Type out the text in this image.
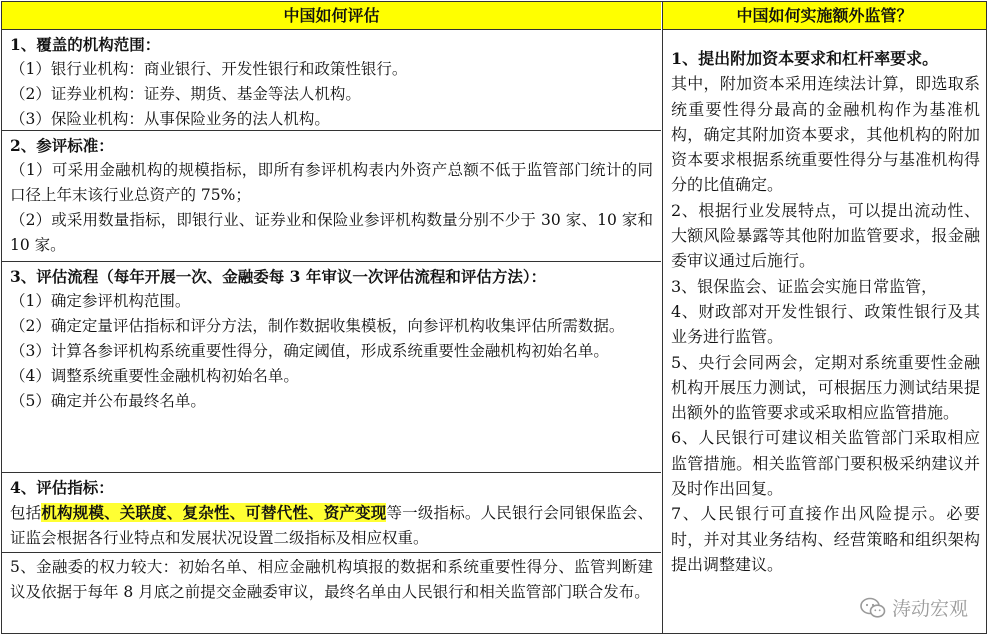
中国如何评估
1、覆盖的机构范围：
（1）银行业机构：商业银行、开发性银行和政策性银行。
（2）证券业机构：证券、期货、基金等法人机构。
（3）保险业机构：从事保险业务的法人机构。
2、参评标准：
（1）可采用金融机构的规模指标，即所有参评机构表内外资产总额不低于监管部门统计的同口径上年末该行业总资产的 75%；
（2）或采用数量指标，即银行业、证券业和保险业参评机构数量分别不少于 30 家、10 家和 10 家。
3、评估流程（每年开展一次、金融委每 3 年审议一次评估流程和评估方法）：
（1）确定参评机构范围。
（2）确定定量评估指标和评分方法，制作数据收集模板，向参评机构收集评估所需数据。
（3）计算各参评机构系统重要性得分，确定阈值，形成系统重要性金融机构初始名单。
（4）调整系统重要性金融机构初始名单。
（5）确定并公布最终名单。
4、评估指标：
包括机构规模、关联度、复杂性、可替代性、资产变现等一级指标。人民银行会同银保监会、证监会根据各行业特点和发展状况设置二级指标及相应权重。
5、金融委的权力较大：初始名单、相应金融机构填报的数据和系统重要性得分、监管判断建议及依据于每年 8 月底之前提交金融委审议，最终名单由人民银行和相关监管部门联合发布。
中国如何实施额外监管？
1、提出附加资本要求和杠杆率要求。
其中，附加资本采用连续法计算，即选取系统重要性得分最高的金融机构作为基准机构，确定其附加资本要求，其他机构的附加资本要求根据系统重要性得分与基准机构得分的比值确定。
2、根据行业发展特点，可以提出流动性、大额风险暴露等其他附加监管要求，报金融委审议通过后施行。
3、银保监会、证监会实施日常监管，
4、财政部对开发性银行、政策性银行及其业务进行监管。
5、央行会同两会，定期对系统重要性金融机构开展压力测试，可根据压力测试结果提出额外的监管要求或采取相应监管措施。
6、人民银行可建议相关监管部门采取相应监管措施。相关监管部门要积极采纳建议并及时作出回复。
7、人民银行可直接作出风险提示。必要时，并对其业务结构、经营策略和组织架构提出调整建议。
涛动宏观
